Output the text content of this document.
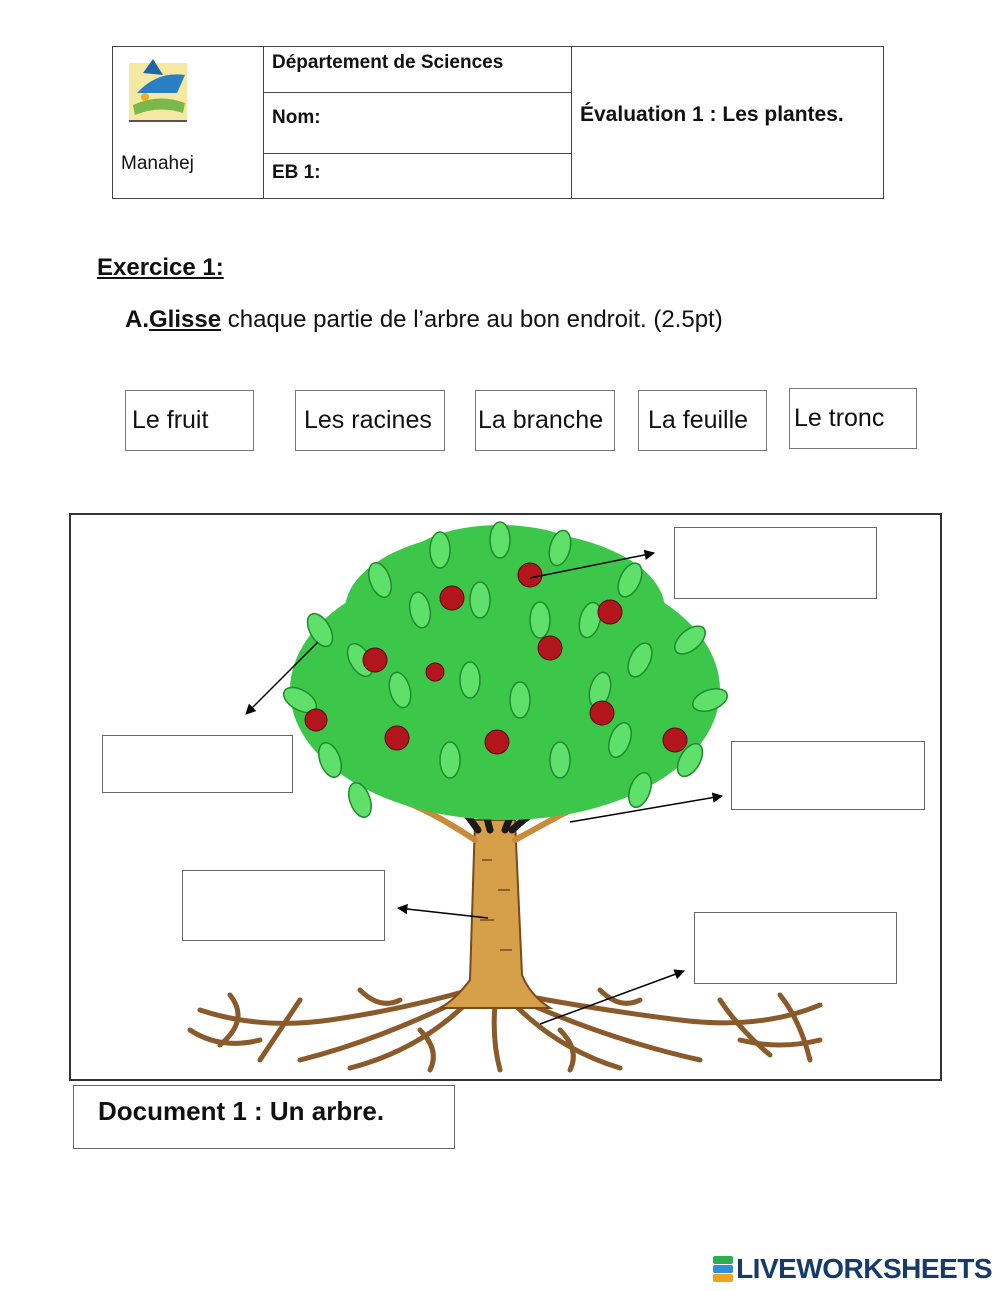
Manahej
Département de Sciences
Nom:
EB 1:
Évaluation 1 : Les plantes.
Exercice 1:
A.Glisse chaque partie de l’arbre au bon endroit. (2.5pt)
Le fruit	Les racines	La branche	La feuille	Le tronc
Document 1 : Un arbre.
LIVEWORKSHEETS
